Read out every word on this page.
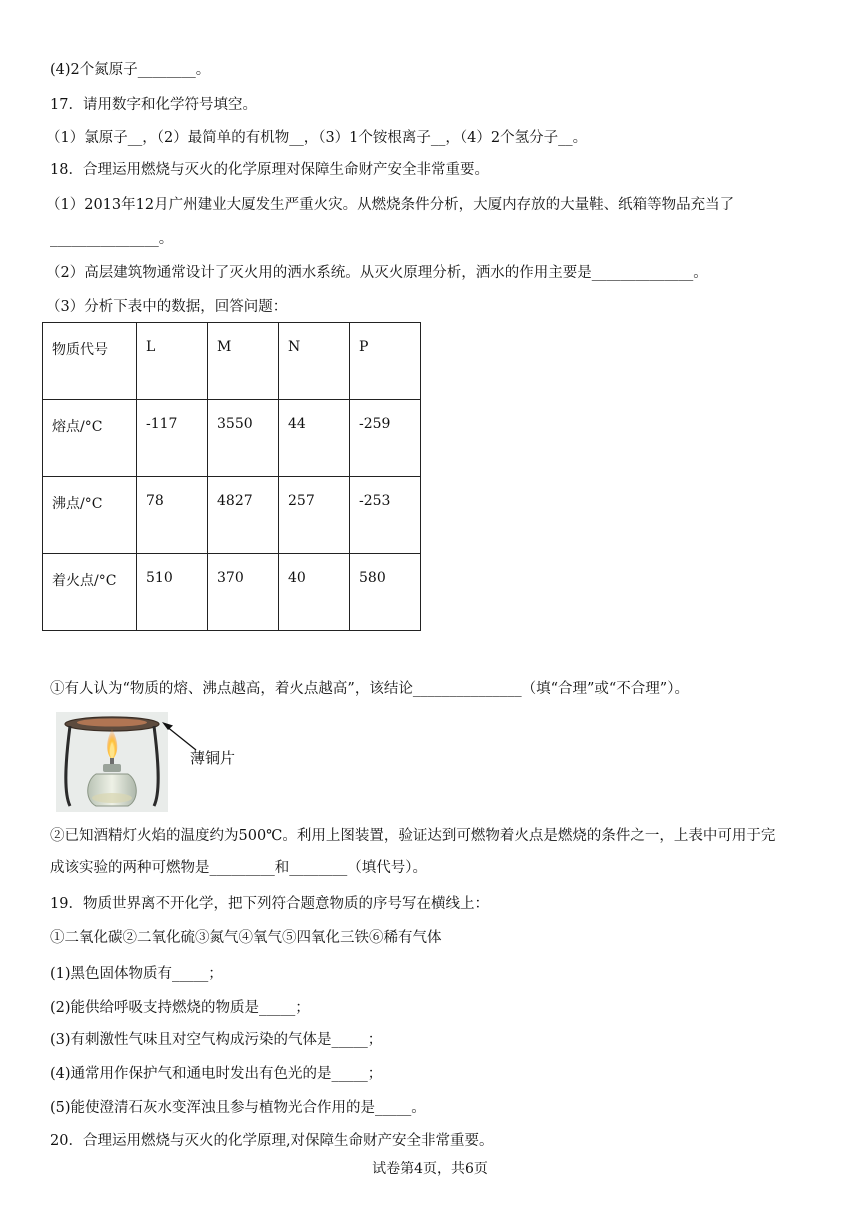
(4)2个氮原子________。
17．请用数字和化学符号填空。
（1）氯原子__，（2）最简单的有机物__，（3）1个铵根离子__，（4）2个氢分子__。
18．合理运用燃烧与灭火的化学原理对保障生命财产安全非常重要。
（1）2013年12月广州建业大厦发生严重火灾。从燃烧条件分析，大厦内存放的大量鞋、纸箱等物品充当了
_______________。
（2）高层建筑物通常设计了灭火用的洒水系统。从灭火原理分析，洒水的作用主要是______________。
（3）分析下表中的数据，回答问题：
物质代号	L	M	N	P
熔点/°C	-117	3550	44	-259
沸点/°C	78	4827	257	-253
着火点/°C	510	370	40	580
①有人认为“物质的熔、沸点越高，着火点越高”，该结论_______________（填“合理”或“不合理”）。
薄铜片
②已知酒精灯火焰的温度约为500℃。利用上图装置，验证达到可燃物着火点是燃烧的条件之一，上表中可用于完
成该实验的两种可燃物是_________和________（填代号）。
19．物质世界离不开化学，把下列符合题意物质的序号写在横线上：
①二氧化碳②二氧化硫③氮气④氧气⑤四氧化三铁⑥稀有气体
(1)黑色固体物质有_____；
(2)能供给呼吸支持燃烧的物质是_____；
(3)有刺激性气味且对空气构成污染的气体是_____；
(4)通常用作保护气和通电时发出有色光的是_____；
(5)能使澄清石灰水变浑浊且参与植物光合作用的是_____。
20．合理运用燃烧与灭火的化学原理,对保障生命财产安全非常重要。
试卷第4页，共6页
